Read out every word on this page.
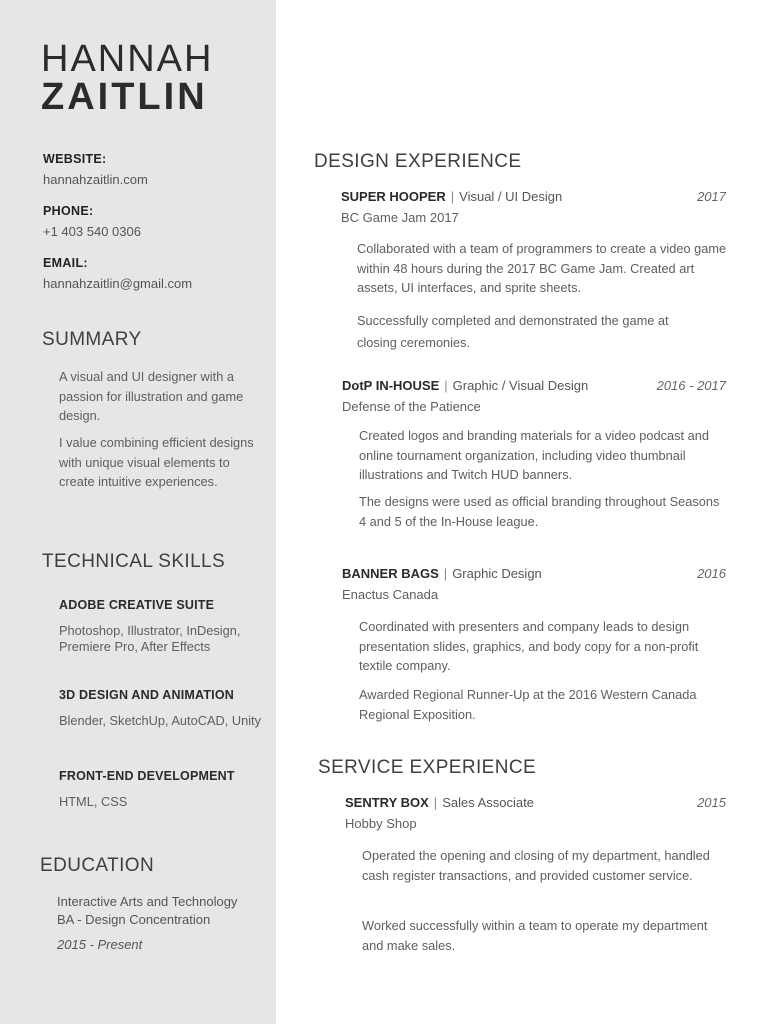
HANNAH
ZAITLIN
WEBSITE:
hannahzaitlin.com
PHONE:
+1 403 540 0306
EMAIL:
hannahzaitlin@gmail.com
SUMMARY
A visual and UI designer with a passion for illustration and game design.
I value combining efficient designs with unique visual elements to create intuitive experiences.
TECHNICAL SKILLS
ADOBE CREATIVE SUITE
Photoshop, Illustrator, InDesign, Premiere Pro, After Effects
3D DESIGN AND ANIMATION
Blender, SketchUp, AutoCAD, Unity
FRONT-END DEVELOPMENT
HTML, CSS
EDUCATION
Interactive Arts and Technology
BA - Design Concentration
2015 - Present
DESIGN EXPERIENCE
SUPER HOOPER | Visual / UI Design	2017
BC Game Jam 2017
Collaborated with a team of programmers to create a video game within 48 hours during the 2017 BC Game Jam. Created art assets, UI interfaces, and sprite sheets.
Successfully completed and demonstrated the game at closing ceremonies.
DotP IN-HOUSE | Graphic / Visual Design	2016 - 2017
Defense of the Patience
Created logos and branding materials for a video podcast and online tournament organization, including video thumbnail illustrations and Twitch HUD banners.
The designs were used as official branding throughout Seasons 4 and 5 of the In-House league.
BANNER BAGS | Graphic Design	2016
Enactus Canada
Coordinated with presenters and company leads to design presentation slides, graphics, and body copy for a non-profit textile company.
Awarded Regional Runner-Up at the 2016 Western Canada Regional Exposition.
SERVICE EXPERIENCE
SENTRY BOX | Sales Associate	2015
Hobby Shop
Operated the opening and closing of my department, handled cash register transactions, and provided customer service.
Worked successfully within a team to operate my department and make sales.
